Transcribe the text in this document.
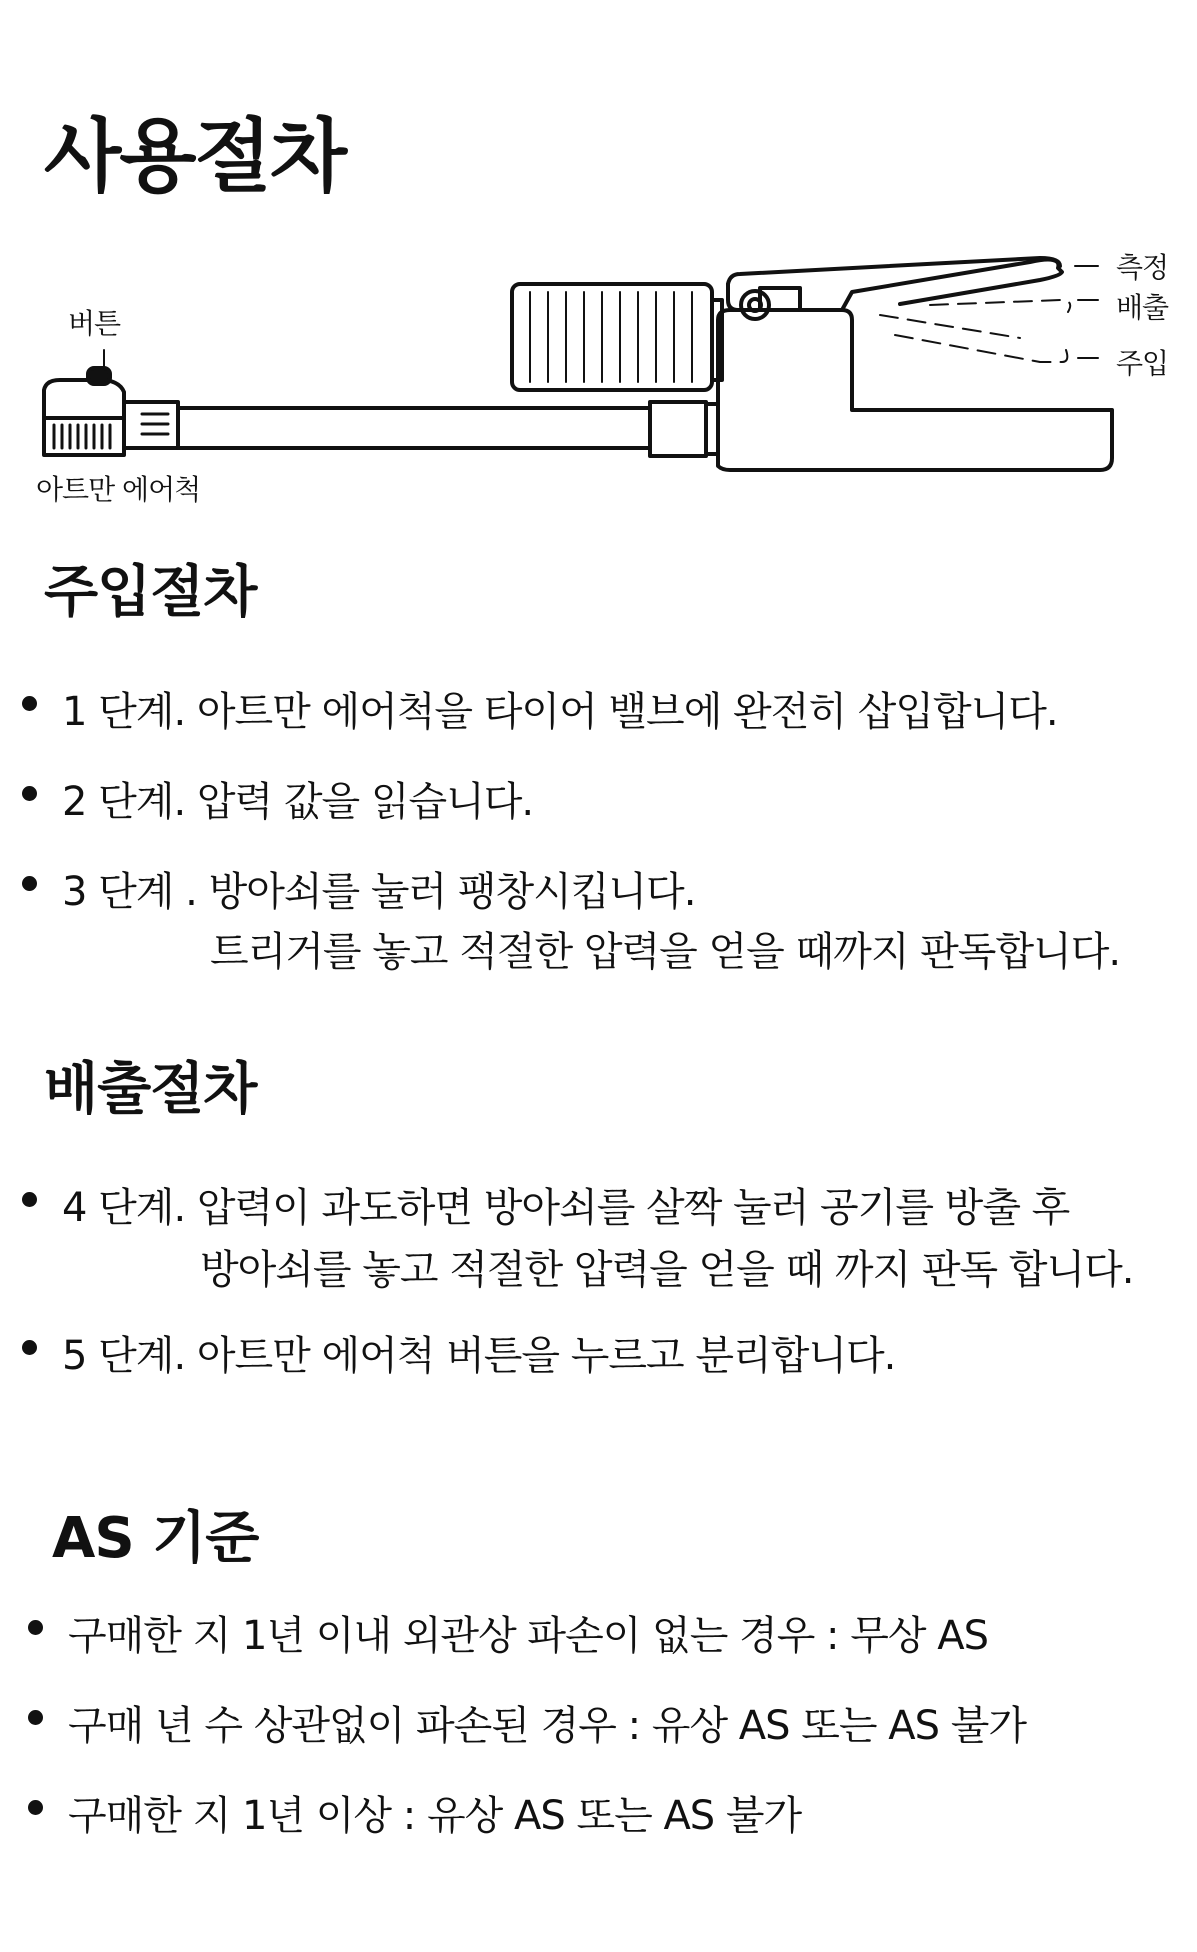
사용절차
버튼
아트만 에어척
측정
배출
주입
주입절차
1 단계. 아트만 에어척을 타이어 밸브에 완전히 삽입합니다.
2 단계. 압력 값을 읽습니다.
3 단계 . 방아쇠를 눌러 팽창시킵니다.
트리거를 놓고 적절한 압력을 얻을 때까지 판독합니다.
배출절차
4 단계. 압력이 과도하면 방아쇠를 살짝 눌러 공기를 방출 후
방아쇠를 놓고 적절한 압력을 얻을 때 까지 판독 합니다.
5 단계. 아트만 에어척 버튼을 누르고 분리합니다.
AS 기준
구매한 지 1년 이내 외관상 파손이 없는 경우 : 무상 AS
구매 년 수 상관없이 파손된 경우 : 유상 AS 또는 AS 불가
구매한 지 1년 이상 : 유상 AS 또는 AS 불가
